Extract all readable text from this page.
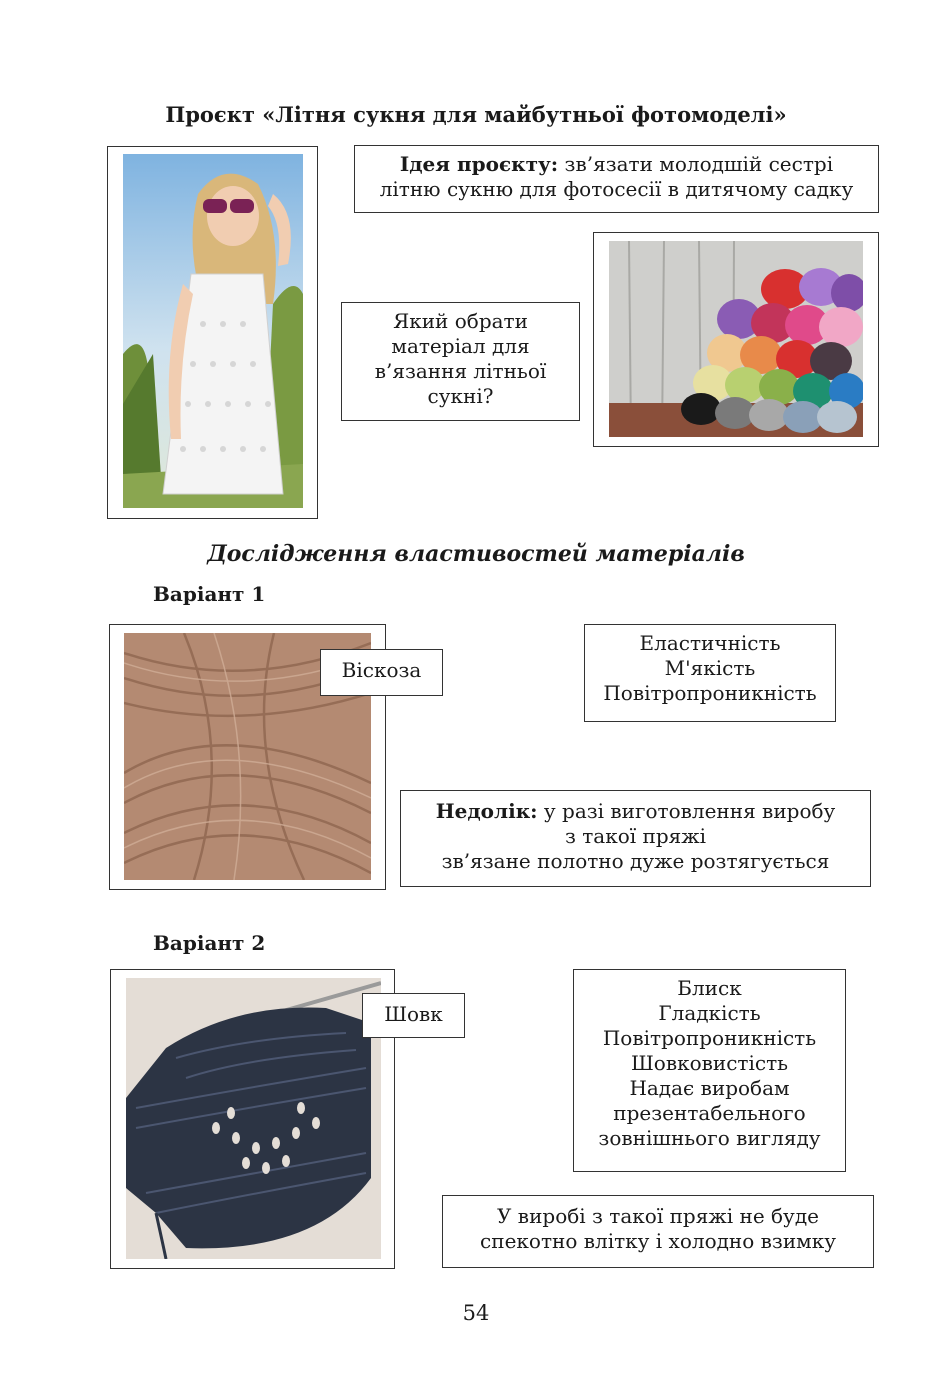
Проєкт «Літня сукня для майбутньої фотомоделі»
Ідея проєкту: зв’язати молодшій сестрі
літню сукню для фотосесії в дитячому садку
Який обрати
матеріал для
в’язання літньої
сукні?
Дослідження властивостей матеріалів
Варіант 1
Віскоза
Еластичність
М'якість
Повітропроникність
Недолік: у разі виготовлення виробу
з такої пряжі
зв’язане полотно дуже розтягується
Варіант 2
Шовк
Блиск
Гладкість
Повітропроникність
Шовковистість
Надає виробам
презентабельного
зовнішнього вигляду
У виробі з такої пряжі не буде
спекотно влітку і холодно взимку
54
